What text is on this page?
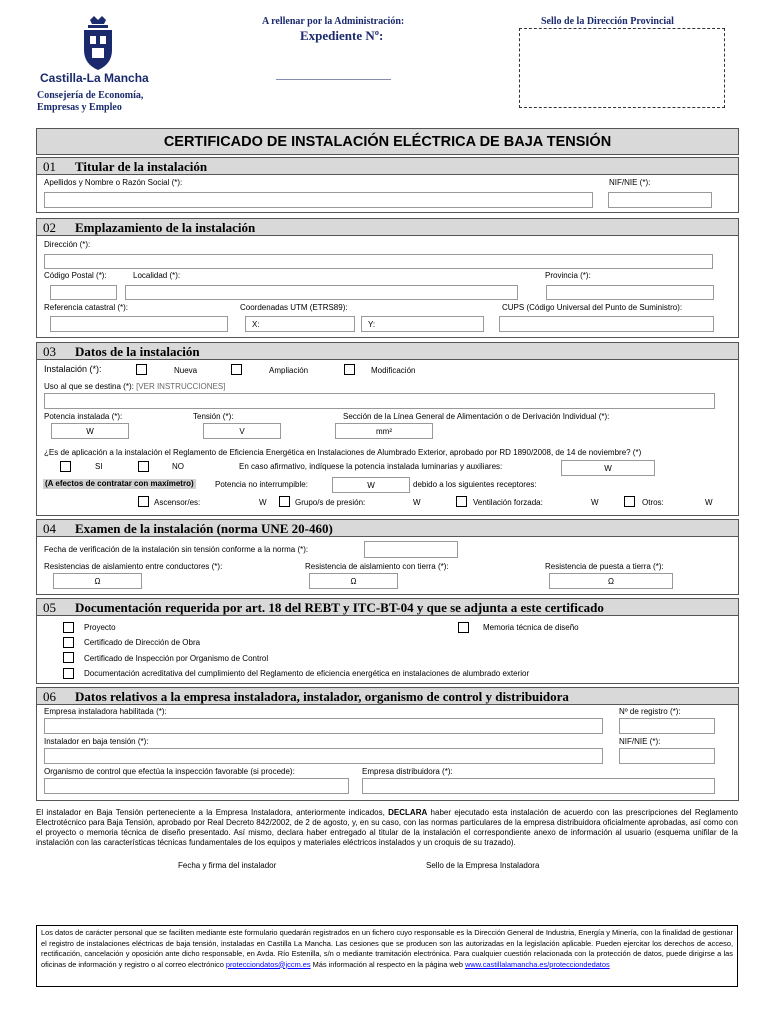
Castilla-La Mancha
Consejería de Economía,
Empresas y Empleo
A rellenar por la Administración:
Expediente Nº:
_______________________
Sello de la Dirección Provincial
CERTIFICADO DE INSTALACIÓN ELÉCTRICA DE BAJA TENSIÓN
01 Titular de la instalación
Apellidos y Nombre o Razón Social (*):	NIF/NIE (*):
02 Emplazamiento de la instalación
Dirección (*):
Código Postal (*):	Localidad (*):	Provincia (*):
Referencia catastral (*):	Coordenadas UTM (ETRS89):	CUPS (Código Universal del Punto de Suministro):
X:	Y:
03 Datos de la instalación
Instalación (*):	Nueva	Ampliación	Modificación
Uso al que se destina (*): [VER INSTRUCCIONES]
Potencia instalada (*):	Tensión (*):	Sección de la Línea General de Alimentación o de Derivación Individual (*):
W	V	mm²
¿Es de aplicación a la instalación el Reglamento de Eficiencia Energética en Instalaciones de Alumbrado Exterior, aprobado por RD 1890/2008, de 14 de noviembre? (*)
SI	NO	En caso afirmativo, indíquese la potencia instalada luminarias y auxiliares:	W
(A efectos de contratar con maxímetro)	Potencia no interrumpible:	W	debido a los siguientes receptores:
Ascensor/es:	W	Grupo/s de presión:	W	Ventilación forzada:	W	Otros:	W
04 Examen de la instalación (norma UNE 20-460)
Fecha de verificación de la instalación sin tensión conforme a la norma (*):
Resistencias de aislamiento entre conductores (*):	Resistencia de aislamiento con tierra (*):	Resistencia de puesta a tierra (*):
Ω	Ω	Ω
05 Documentación requerida por art. 18 del REBT y ITC-BT-04 y que se adjunta a este certificado
Proyecto	Memoria técnica de diseño
Certificado de Dirección de Obra
Certificado de Inspección por Organismo de Control
Documentación acreditativa del cumplimiento del Reglamento de eficiencia energética en instalaciones de alumbrado exterior
06 Datos relativos a la empresa instaladora, instalador, organismo de control y distribuidora
Empresa instaladora habilitada (*):	Nº de registro (*):
Instalador en baja tensión (*):	NIF/NIE (*):
Organismo de control que efectúa la inspección favorable (si procede):	Empresa distribuidora (*):
El instalador en Baja Tensión perteneciente a la Empresa Instaladora, anteriormente indicados, DECLARA haber ejecutado esta instalación de acuerdo con las prescripciones del Reglamento Electrotécnico para Baja Tensión, aprobado por Real Decreto 842/2002, de 2 de agosto, y, en su caso, con las normas particulares de la empresa distribuidora oficialmente aprobadas, así como con el proyecto o memoria técnica de diseño presentado. Así mismo, declara haber entregado al titular de la instalación el correspondiente anexo de información al usuario (esquema unifilar de la instalación con las características técnicas fundamentales de los equipos y materiales eléctricos instalados y un croquis de su trazado).
Fecha y firma del instalador	Sello de la Empresa Instaladora
Los datos de carácter personal que se faciliten mediante este formulario quedarán registrados en un fichero cuyo responsable es la Dirección General de Industria, Energía y Minería, con la finalidad de gestionar el registro de instalaciones eléctricas de baja tensión, instaladas en Castilla La Mancha. Las cesiones que se producen son las autorizadas en la legislación aplicable. Pueden ejercitar los derechos de acceso, rectificación, cancelación y oposición ante dicho responsable, en Avda. Río Estenilla, s/n o mediante tramitación electrónica. Para cualquier cuestión relacionada con la protección de datos, puede dirigirse a las oficinas de información y registro o al correo electrónico protecciondatos@jccm.es Más información al respecto en la página web www.castillalamancha.es/protecciondedatos
